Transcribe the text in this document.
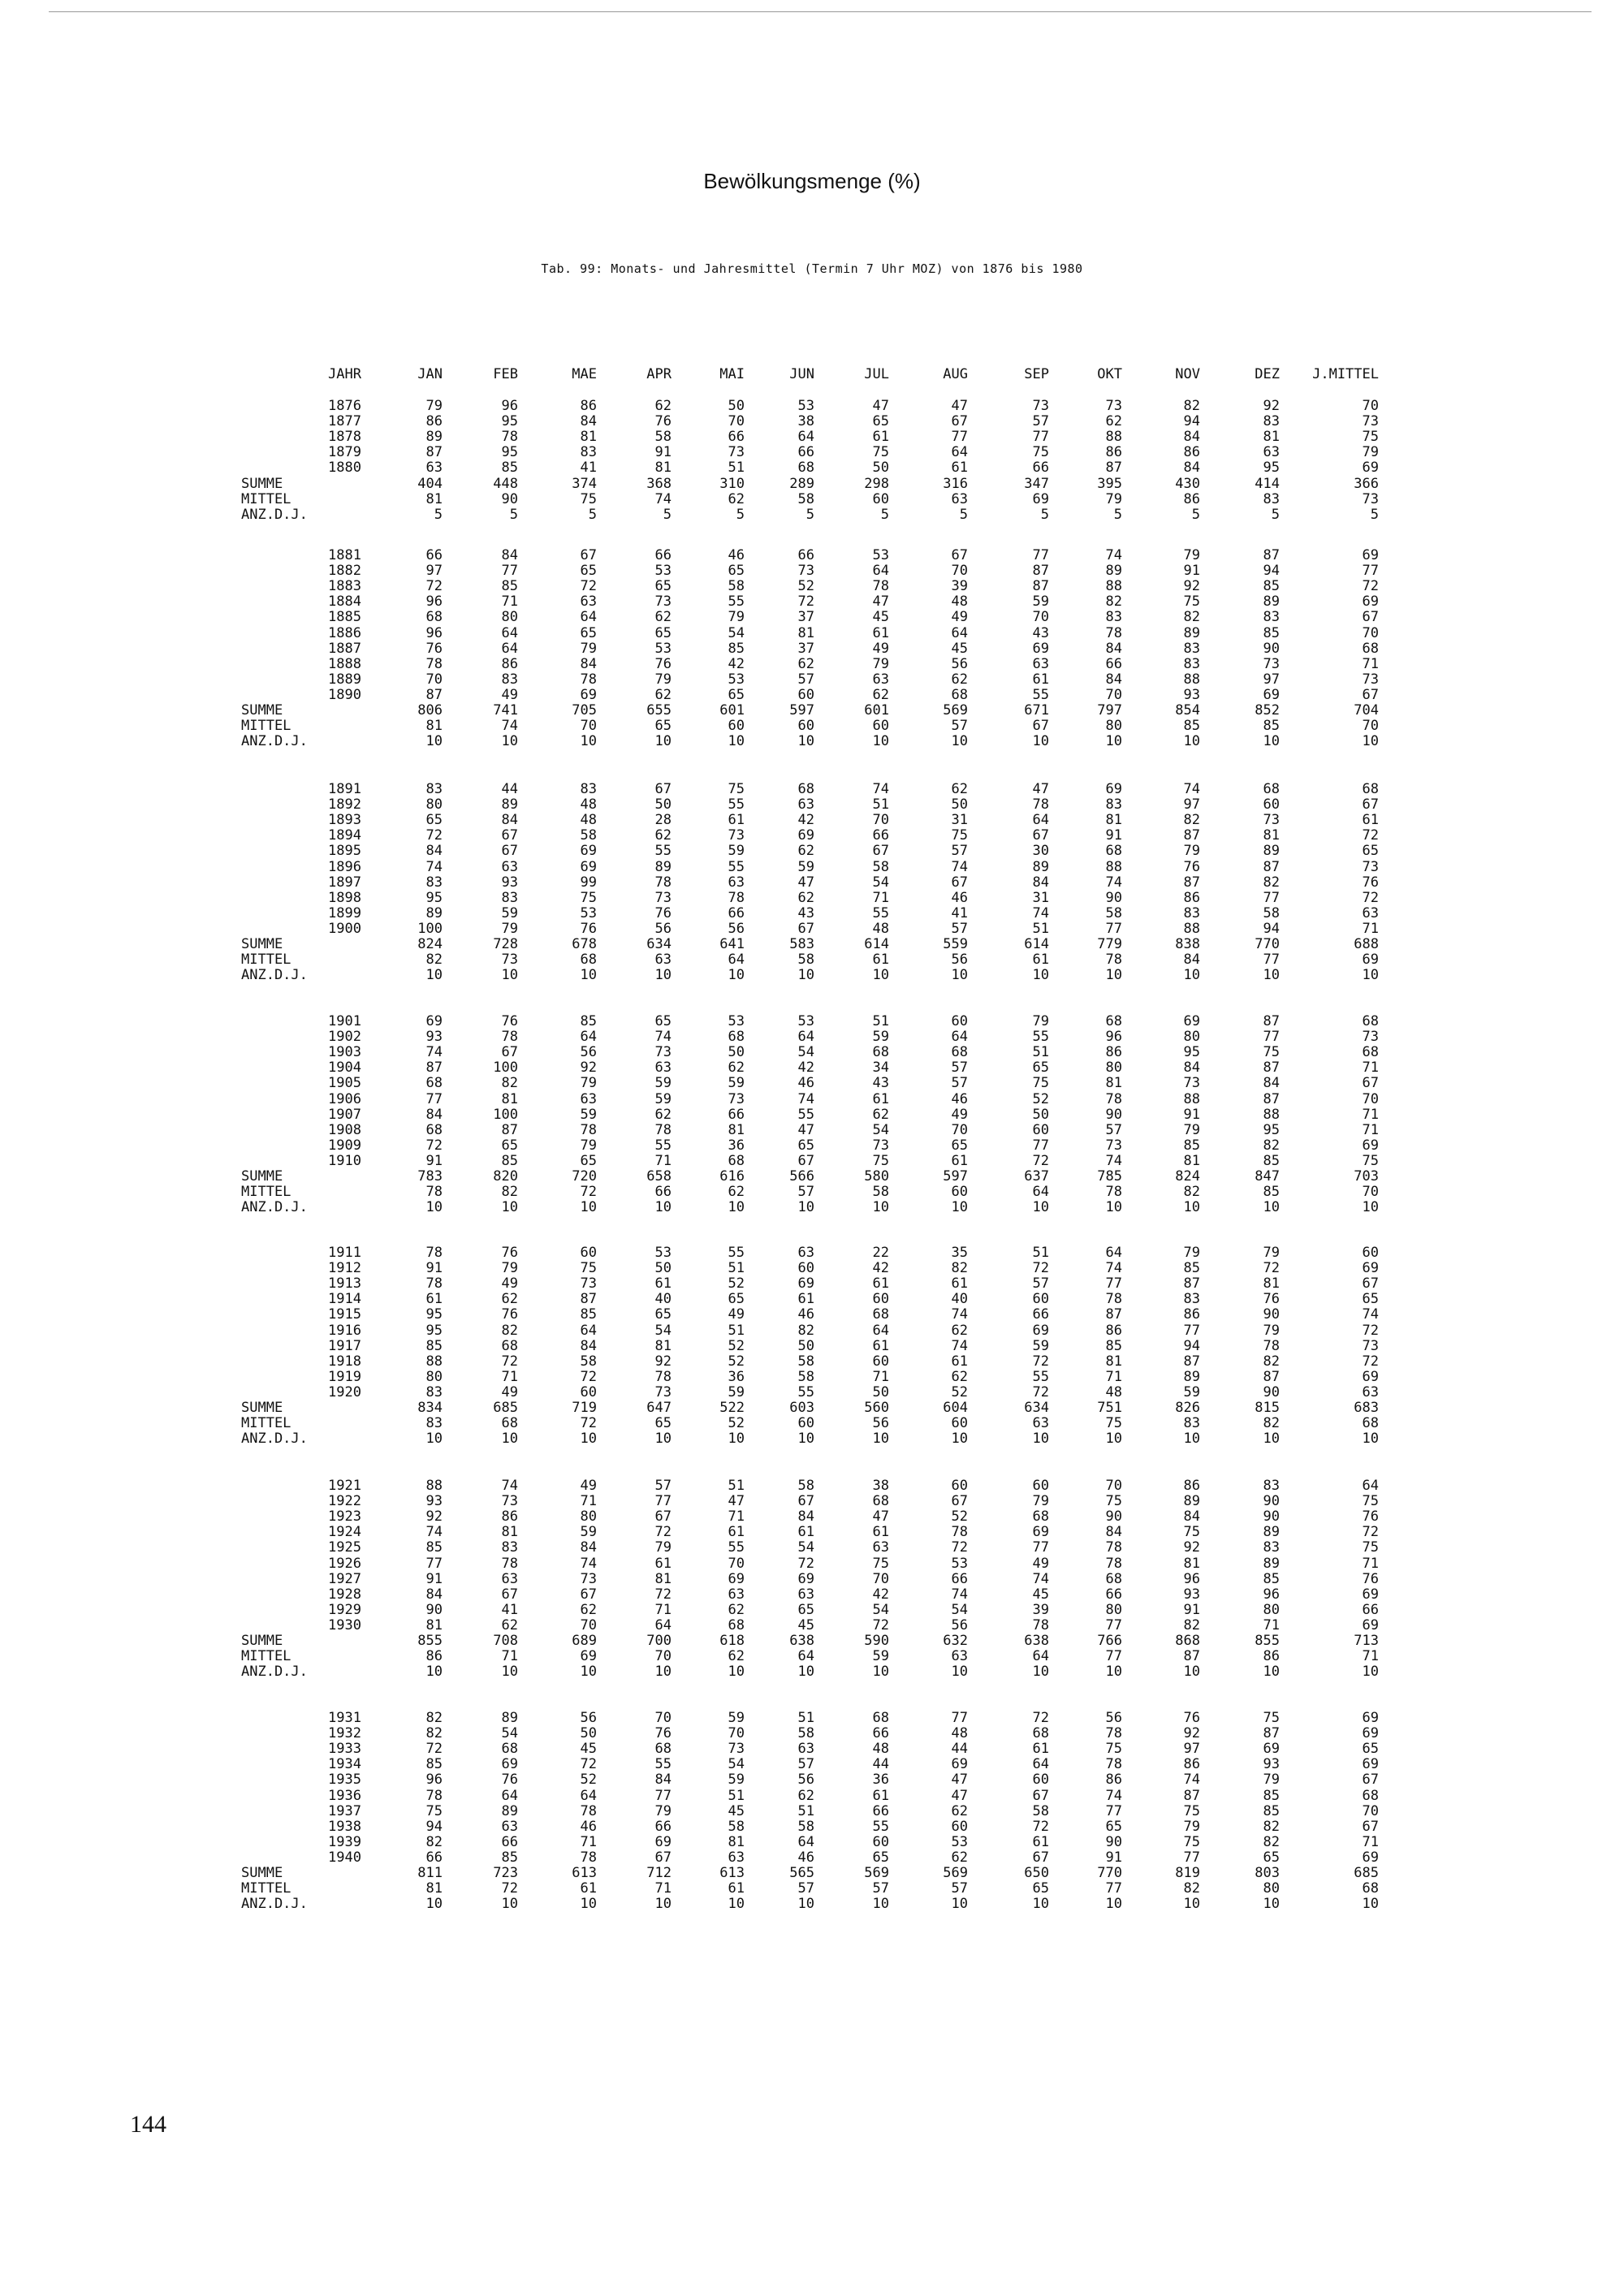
Bewölkungsmenge (%)
Tab. 99: Monats- und Jahresmittel (Termin 7 Uhr MOZ) von 1876 bis 1980
JAHR	JAN	FEB	MAE	APR	MAI	JUN	JUL	AUG	SEP	OKT	NOV	DEZ	J.MITTEL
1876	79	96	86	62	50	53	47	47	73	73	82	92	70
1877	86	95	84	76	70	38	65	67	57	62	94	83	73
1878	89	78	81	58	66	64	61	77	77	88	84	81	75
1879	87	95	83	91	73	66	75	64	75	86	86	63	79
1880	63	85	41	81	51	68	50	61	66	87	84	95	69
SUMME	404	448	374	368	310	289	298	316	347	395	430	414	366
MITTEL	81	90	75	74	62	58	60	63	69	79	86	83	73
ANZ.D.J.	5	5	5	5	5	5	5	5	5	5	5	5	5
1881	66	84	67	66	46	66	53	67	77	74	79	87	69
1882	97	77	65	53	65	73	64	70	87	89	91	94	77
1883	72	85	72	65	58	52	78	39	87	88	92	85	72
1884	96	71	63	73	55	72	47	48	59	82	75	89	69
1885	68	80	64	62	79	37	45	49	70	83	82	83	67
1886	96	64	65	65	54	81	61	64	43	78	89	85	70
1887	76	64	79	53	85	37	49	45	69	84	83	90	68
1888	78	86	84	76	42	62	79	56	63	66	83	73	71
1889	70	83	78	79	53	57	63	62	61	84	88	97	73
1890	87	49	69	62	65	60	62	68	55	70	93	69	67
SUMME	806	741	705	655	601	597	601	569	671	797	854	852	704
MITTEL	81	74	70	65	60	60	60	57	67	80	85	85	70
ANZ.D.J.	10	10	10	10	10	10	10	10	10	10	10	10	10
1891	83	44	83	67	75	68	74	62	47	69	74	68	68
1892	80	89	48	50	55	63	51	50	78	83	97	60	67
1893	65	84	48	28	61	42	70	31	64	81	82	73	61
1894	72	67	58	62	73	69	66	75	67	91	87	81	72
1895	84	67	69	55	59	62	67	57	30	68	79	89	65
1896	74	63	69	89	55	59	58	74	89	88	76	87	73
1897	83	93	99	78	63	47	54	67	84	74	87	82	76
1898	95	83	75	73	78	62	71	46	31	90	86	77	72
1899	89	59	53	76	66	43	55	41	74	58	83	58	63
1900	100	79	76	56	56	67	48	57	51	77	88	94	71
SUMME	824	728	678	634	641	583	614	559	614	779	838	770	688
MITTEL	82	73	68	63	64	58	61	56	61	78	84	77	69
ANZ.D.J.	10	10	10	10	10	10	10	10	10	10	10	10	10
1901	69	76	85	65	53	53	51	60	79	68	69	87	68
1902	93	78	64	74	68	64	59	64	55	96	80	77	73
1903	74	67	56	73	50	54	68	68	51	86	95	75	68
1904	87	100	92	63	62	42	34	57	65	80	84	87	71
1905	68	82	79	59	59	46	43	57	75	81	73	84	67
1906	77	81	63	59	73	74	61	46	52	78	88	87	70
1907	84	100	59	62	66	55	62	49	50	90	91	88	71
1908	68	87	78	78	81	47	54	70	60	57	79	95	71
1909	72	65	79	55	36	65	73	65	77	73	85	82	69
1910	91	85	65	71	68	67	75	61	72	74	81	85	75
SUMME	783	820	720	658	616	566	580	597	637	785	824	847	703
MITTEL	78	82	72	66	62	57	58	60	64	78	82	85	70
ANZ.D.J.	10	10	10	10	10	10	10	10	10	10	10	10	10
1911	78	76	60	53	55	63	22	35	51	64	79	79	60
1912	91	79	75	50	51	60	42	82	72	74	85	72	69
1913	78	49	73	61	52	69	61	61	57	77	87	81	67
1914	61	62	87	40	65	61	60	40	60	78	83	76	65
1915	95	76	85	65	49	46	68	74	66	87	86	90	74
1916	95	82	64	54	51	82	64	62	69	86	77	79	72
1917	85	68	84	81	52	50	61	74	59	85	94	78	73
1918	88	72	58	92	52	58	60	61	72	81	87	82	72
1919	80	71	72	78	36	58	71	62	55	71	89	87	69
1920	83	49	60	73	59	55	50	52	72	48	59	90	63
SUMME	834	685	719	647	522	603	560	604	634	751	826	815	683
MITTEL	83	68	72	65	52	60	56	60	63	75	83	82	68
ANZ.D.J.	10	10	10	10	10	10	10	10	10	10	10	10	10
1921	88	74	49	57	51	58	38	60	60	70	86	83	64
1922	93	73	71	77	47	67	68	67	79	75	89	90	75
1923	92	86	80	67	71	84	47	52	68	90	84	90	76
1924	74	81	59	72	61	61	61	78	69	84	75	89	72
1925	85	83	84	79	55	54	63	72	77	78	92	83	75
1926	77	78	74	61	70	72	75	53	49	78	81	89	71
1927	91	63	73	81	69	69	70	66	74	68	96	85	76
1928	84	67	67	72	63	63	42	74	45	66	93	96	69
1929	90	41	62	71	62	65	54	54	39	80	91	80	66
1930	81	62	70	64	68	45	72	56	78	77	82	71	69
SUMME	855	708	689	700	618	638	590	632	638	766	868	855	713
MITTEL	86	71	69	70	62	64	59	63	64	77	87	86	71
ANZ.D.J.	10	10	10	10	10	10	10	10	10	10	10	10	10
1931	82	89	56	70	59	51	68	77	72	56	76	75	69
1932	82	54	50	76	70	58	66	48	68	78	92	87	69
1933	72	68	45	68	73	63	48	44	61	75	97	69	65
1934	85	69	72	55	54	57	44	69	64	78	86	93	69
1935	96	76	52	84	59	56	36	47	60	86	74	79	67
1936	78	64	64	77	51	62	61	47	67	74	87	85	68
1937	75	89	78	79	45	51	66	62	58	77	75	85	70
1938	94	63	46	66	58	58	55	60	72	65	79	82	67
1939	82	66	71	69	81	64	60	53	61	90	75	82	71
1940	66	85	78	67	63	46	65	62	67	91	77	65	69
SUMME	811	723	613	712	613	565	569	569	650	770	819	803	685
MITTEL	81	72	61	71	61	57	57	57	65	77	82	80	68
ANZ.D.J.	10	10	10	10	10	10	10	10	10	10	10	10	10
144
